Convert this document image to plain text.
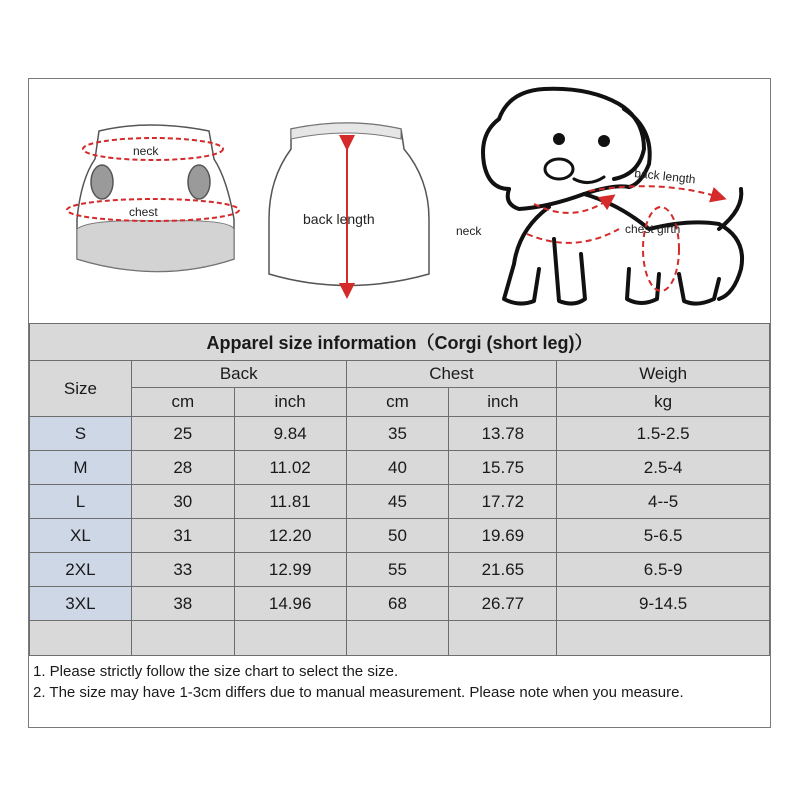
neck
chest	back length
back length
neck	chest girth
Apparel size information（Corgi (short leg)）					
Size	Back		Chest		Weigh
	cm	inch	cm	inch	kg
S	25	9.84	35	13.78	1.5-2.5
M	28	11.02	40	15.75	2.5-4
L	30	11.81	45	17.72	4--5
XL	31	12.20	50	19.69	5-6.5
2XL	33	12.99	55	21.65	6.5-9
3XL	38	14.96	68	26.77	9-14.5

1. Please strictly follow the size chart to select the size.
2. The size may have 1-3cm differs due to manual measurement. Please note when you measure.
